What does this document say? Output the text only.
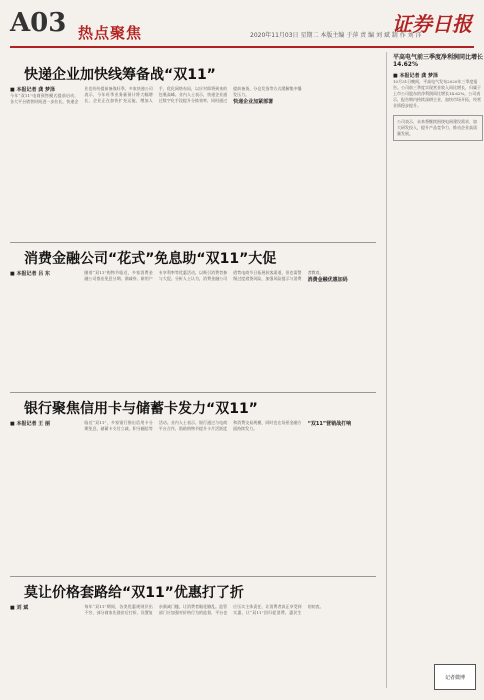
A03 热点聚焦	2020年11月03日 星期二 本版主编 于萍 责 编 刘 斌 制 作 刘 洋
证券日报
快递企业加快线筹备战“双11”
■ 本报记者 龚 梦泽
今年“双11”电商预售模式提前启动，各大平台销售时间进一步拉长，快递企业也纷纷提前备战旺季。多家快递公司表示，今年旺季业务量预计将大幅增长，企业正在加快扩充运能、增加人手、优化网络布局，以应对即将到来的包裹高峰。业内人士表示，快递企业通过数字化手段提升分拣效率，同时通过提前备货、分仓发货等方式缓解集中爆发压力。
快递企业加紧部署
消费金融公司“花式”免息助“双11”大促
■ 本报记者 吕 东	随着“双11”购物节临近，多家消费金融公司推出免息分期、满减券、新用户专享利率等优惠活动，以吸引消费者参与大促。分析人士认为，消费金融公司借势电商节日拓展获客渠道，但也需警惕过度借贷风险，加强风险提示与消费者教育。
消费金融优惠加码
银行聚焦信用卡与储蓄卡发力“双11”
■ 本报记者 王 丽	临近“双11”，多家银行推出信用卡分期免息、储蓄卡支付立减、积分翻倍等活动。业内人士表示，银行通过与电商平台合作，借助购物节提升卡片活跃度和消费交易规模，同时也在场景金融方面持续发力。
“双11”营销战打响
莫让价格套路给“双11”优惠打了折
■ 刘 斌	每年“双11”期间，各类优惠规则层出不穷，部分商家先涨价后打折、设置复杂满减门槛，让消费者眼花缭乱。监管部门应加强对价格行为的监督，平台也应压实主体责任，让消费者真正享受到实惠，让“双11”回归促消费、惠民生的初衷。
平高电气前三季度净利润同比增长14.62%
■ 本报记者 龚 梦泽
10月31日晚间，平高电气发布2020年三季度报告。公司前三季度实现营业收入同比增长，归属于上市公司股东的净利润同比增长14.62%。公司表示，报告期内持续深耕主业，加快市场开拓，经营业绩稳步提升。
公司表示，未来将继续围绕电网建设需求，加大研发投入，提升产品竞争力，推动企业高质量发展。
记者微博
